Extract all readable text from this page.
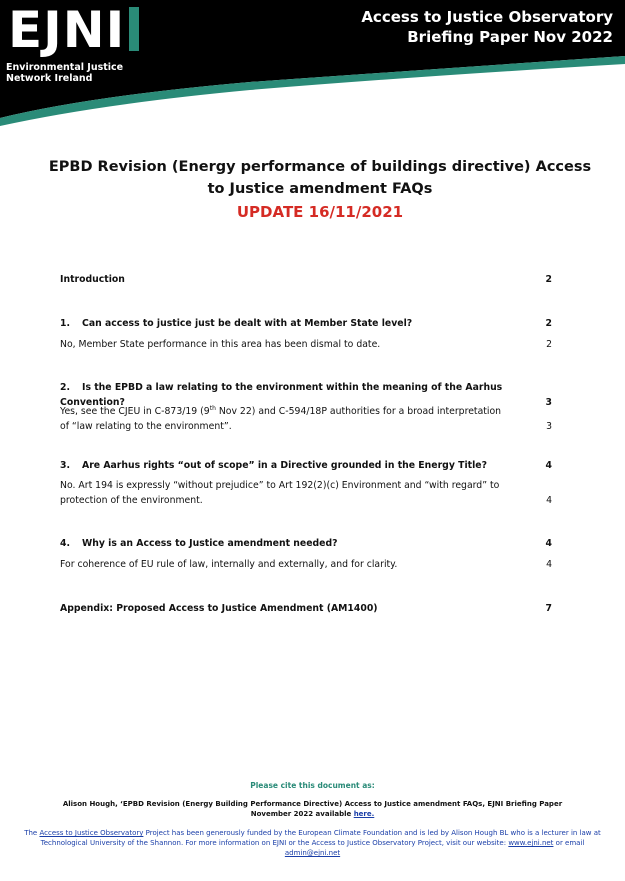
EJNI
Environmental Justice
Network Ireland
Access to Justice Observatory
Briefing Paper Nov 2022
EPBD Revision (Energy performance of buildings directive) Access to Justice amendment FAQs
UPDATE 16/11/2021
Introduction	2
1. Can access to justice just be dealt with at Member State level?	2
No, Member State performance in this area has been dismal to date.	2
2. Is the EPBD a law relating to the environment within the meaning of the Aarhus Convention?	3
Yes, see the CJEU in C-873/19 (9th Nov 22) and C-594/18P authorities for a broad interpretation of “law relating to the environment”.	3
3. Are Aarhus rights “out of scope” in a Directive grounded in the Energy Title?	4
No. Art 194 is expressly “without prejudice” to Art 192(2)(c) Environment and “with regard” to protection of the environment.	4
4. Why is an Access to Justice amendment needed?	4
For coherence of EU rule of law, internally and externally, and for clarity.	4
Appendix: Proposed Access to Justice Amendment (AM1400)	7
Please cite this document as:
Alison Hough, ‘EPBD Revision (Energy Building Performance Directive) Access to Justice amendment FAQs, EJNI Briefing Paper November 2022 available here.
The Access to Justice Observatory Project has been generously funded by the European Climate Foundation and is led by Alison Hough BL who is a lecturer in law at Technological University of the Shannon. For more information on EJNI or the Access to Justice Observatory Project, visit our website: www.ejni.net or email admin@ejni.net
